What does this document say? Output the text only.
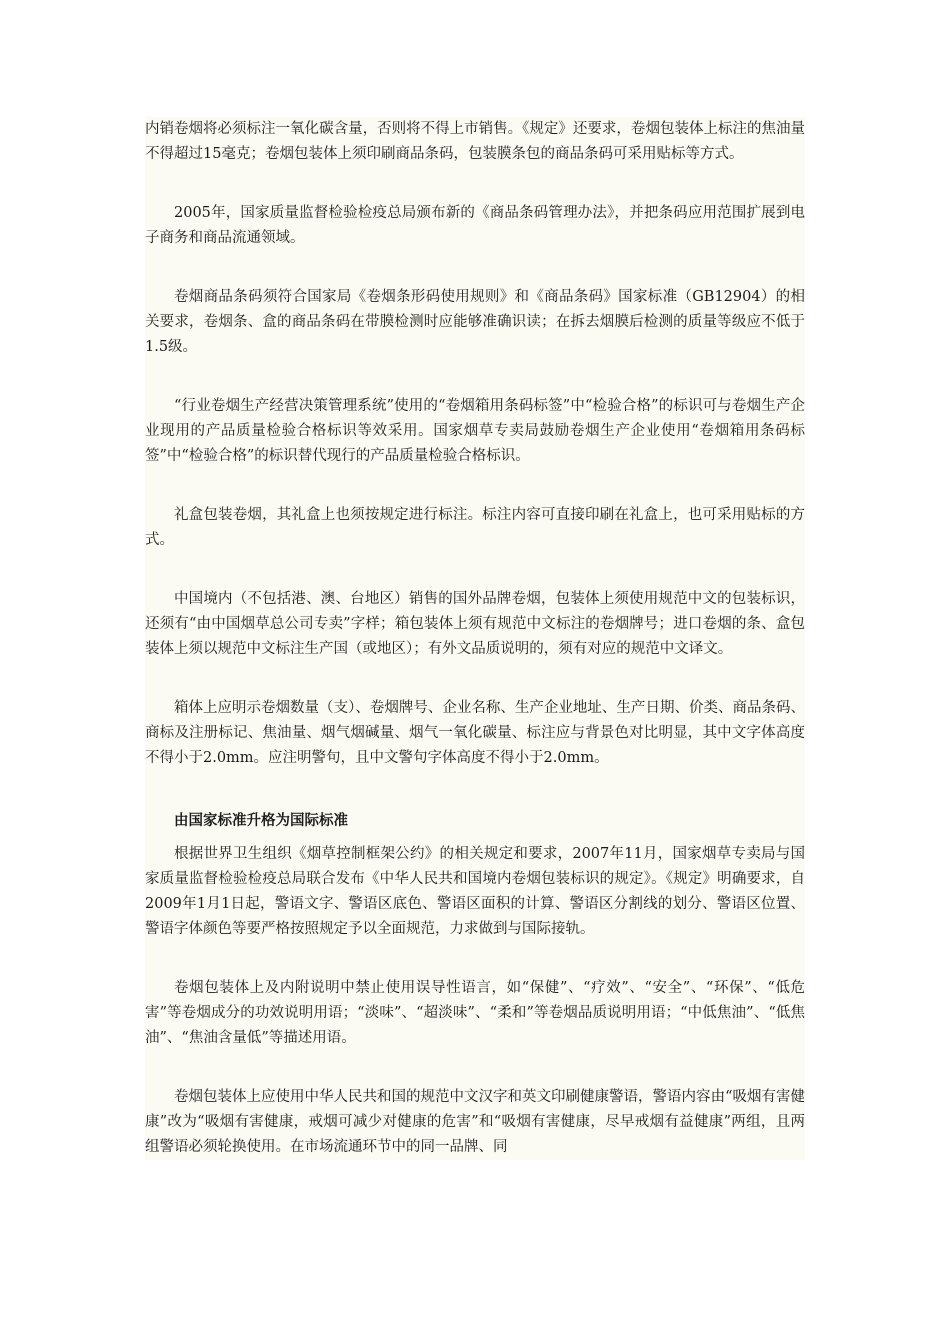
内销卷烟将必须标注一氧化碳含量，否则将不得上市销售。《规定》还要求，卷烟包装体上标注的焦油量不得超过15毫克；卷烟包装体上须印刷商品条码，包装膜条包的商品条码可采用贴标等方式。

2005年，国家质量监督检验检疫总局颁布新的《商品条码管理办法》，并把条码应用范围扩展到电子商务和商品流通领域。

卷烟商品条码须符合国家局《卷烟条形码使用规则》和《商品条码》国家标准（GB12904）的相关要求，卷烟条、盒的商品条码在带膜检测时应能够准确识读；在拆去烟膜后检测的质量等级应不低于1.5级。

“行业卷烟生产经营决策管理系统”使用的“卷烟箱用条码标签”中“检验合格”的标识可与卷烟生产企业现用的产品质量检验合格标识等效采用。国家烟草专卖局鼓励卷烟生产企业使用“卷烟箱用条码标签”中“检验合格”的标识替代现行的产品质量检验合格标识。

礼盒包装卷烟，其礼盒上也须按规定进行标注。标注内容可直接印刷在礼盒上，也可采用贴标的方式。

中国境内（不包括港、澳、台地区）销售的国外品牌卷烟，包装体上须使用规范中文的包装标识，还须有“由中国烟草总公司专卖”字样；箱包装体上须有规范中文标注的卷烟牌号；进口卷烟的条、盒包装体上须以规范中文标注生产国（或地区）；有外文品质说明的，须有对应的规范中文译文。

箱体上应明示卷烟数量（支）、卷烟牌号、企业名称、生产企业地址、生产日期、价类、商品条码、商标及注册标记、焦油量、烟气烟碱量、烟气一氧化碳量、标注应与背景色对比明显，其中文字体高度不得小于2.0mm。应注明警句，且中文警句字体高度不得小于2.0mm。

由国家标准升格为国际标准

根据世界卫生组织《烟草控制框架公约》的相关规定和要求，2007年11月，国家烟草专卖局与国家质量监督检验检疫总局联合发布《中华人民共和国境内卷烟包装标识的规定》。《规定》明确要求，自2009年1月1日起，警语文字、警语区底色、警语区面积的计算、警语区分割线的划分、警语区位置、警语字体颜色等要严格按照规定予以全面规范，力求做到与国际接轨。

卷烟包装体上及内附说明中禁止使用误导性语言，如“保健”、“疗效”、“安全”、“环保”、“低危害”等卷烟成分的功效说明用语；“淡味”、“超淡味”、“柔和”等卷烟品质说明用语；“中低焦油”、“低焦油”、“焦油含量低”等描述用语。

卷烟包装体上应使用中华人民共和国的规范中文汉字和英文印刷健康警语，警语内容由“吸烟有害健康”改为“吸烟有害健康，戒烟可减少对健康的危害”和“吸烟有害健康，尽早戒烟有益健康”两组，且两组警语必须轮换使用。在市场流通环节中的同一品牌、同
